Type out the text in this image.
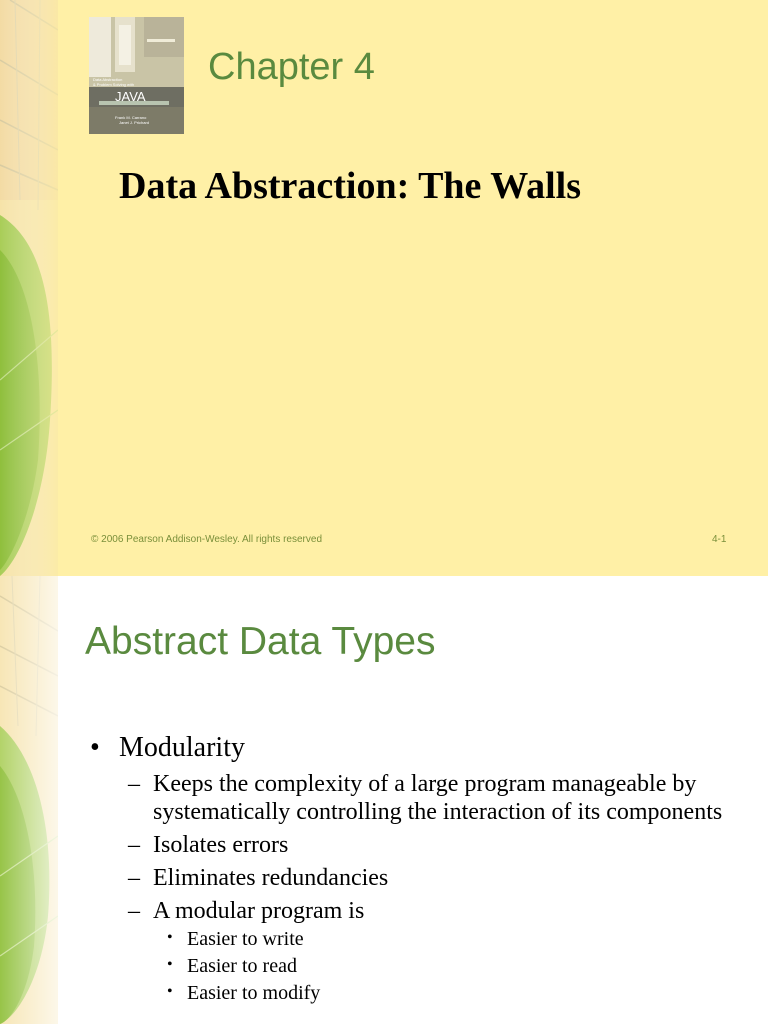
Data Abstraction
& Problem Solving with
JAVA
Frank M. Carrano
Janet J. Prichard
Chapter 4
Data Abstraction: The Walls
© 2006 Pearson Addison-Wesley. All rights reserved	4-1
Abstract Data Types
• Modularity
– Keeps the complexity of a large program manageable by systematically controlling the interaction of its components
– Isolates errors
– Eliminates redundancies
– A modular program is
• Easier to write
• Easier to read
• Easier to modify
